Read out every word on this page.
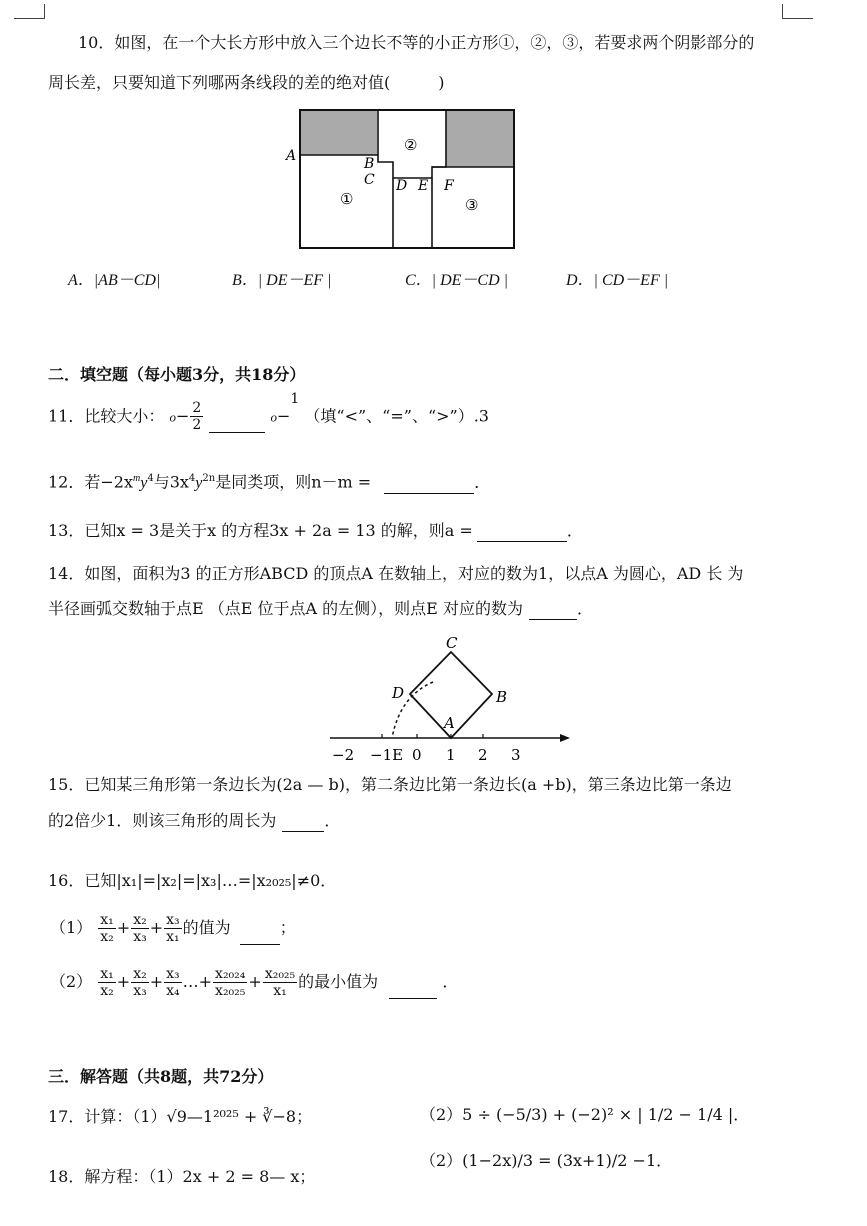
10．如图，在一个大长方形中放入三个边长不等的小正方形①，②，③，若要求两个阴影部分的
周长差，只要知道下列哪两条线段的差的绝对值(　　　)
A	B
C D E F
①
②
③
A．|AB－CD|	B．| DE－EF |	C．| DE－CD |	D．| CD－EF |
二．填空题（每小题3分，共18分）
11．比较大小： $o- \frac{2}{2}$	o−$^1$ （填“<”、“=”、“>”）.3
12．若$-2x^my^4$与$3x^4y^{2n}$是同类项，则n－m =	．
13．已知x = 3是关于x 的方程3x + 2a = 13 的解，则a =	．
14．如图，面积为3 的正方形ABCD 的顶点A 在数轴上，对应的数为1，以点A 为圆心，AD 长 为
半径画弧交数轴于点E （点E 位于点A 的左侧），则点E 对应的数为	．
C
D	B
A
−2 −1E 0 1 2 3
15．已知某三角形第一条边长为(2a — b)，第二条边比第一条边长(a +b)，第三条边比第一条边
的2倍少1．则该三角形的周长为	．
16．已知|x₁|=|x₂|=|x₃|…=|x₂₀₂₅|≠0．
$(1) \frac{\text{x₁}}{\text{x₂}} + \frac{\text{x₂}}{\text{x₃}} + \frac{\text{x₃}}{\text{x₁}}$ 的值为	；
$(2) \frac{\text{x₁}}{\text{x₂}} + \frac{\text{x₂}}{\text{x₃}} + \frac{\text{x₃}}{\text{x₄}}$ …+ $\frac{\text{x₂₀₂₄}}{\text{x₂₀₂₅}} + \frac{\text{x₂₀₂₅}}{\text{x₁}}$ 的最小值为	．
三．解答题（共8题，共72分）
17．计算：（1）√9—1²⁰²⁵ + ∛−8；	（2）5 ÷ (−5/3) + (−2)² × | 1/2 − 1/4 |．
18．解方程：（1）2x + 2 = 8— x；
（2）(1−2x)/3 = (3x+1)/2 −1．
